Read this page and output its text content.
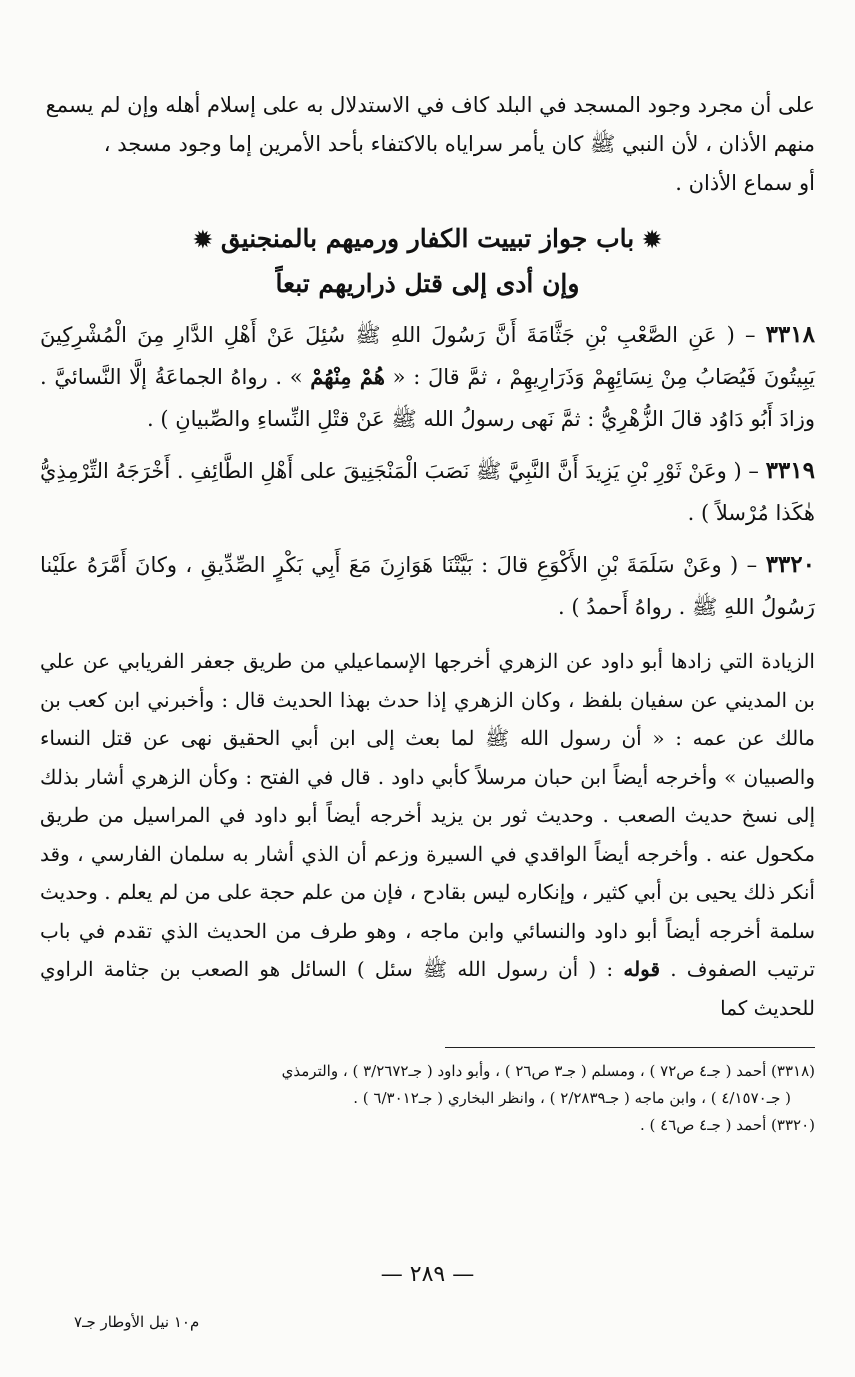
على أن مجرد وجود المسجد في البلد كاف في الاستدلال به على إسلام أهله وإن لم يسمع

منهم الأذان ، لأن النبي ﷺ كان يأمر سراياه بالاكتفاء بأحد الأمرين إما وجود مسجد ،

أو سماع الأذان .

✹ باب جواز تبييت الكفار ورميهم بالمنجنيق ✹
وإن أدى إلى قتل ذراريهم تبعاً

٣٣١٨ – ( عَنِ الصَّعْبِ بْنِ جَثَّامَةَ أَنَّ رَسُولَ اللهِ ﷺ سُئِلَ عَنْ أَهْلِ الدَّارِ مِنَ الْمُشْرِكِينَ يَبِيتُونَ فَيُصَابُ مِنْ نِسَائِهِمْ وَذَرَارِيهِمْ ، ثمَّ قالَ : « هُمْ مِنْهُمْ » . رواهُ الجماعَةُ إلَّا النَّسائيَّ . وزادَ أَبُو دَاوُد قالَ الزُّهْرِيُّ : ثمَّ نَهى رسولُ الله ﷺ عَنْ قتْلِ النِّساءِ والصِّبيانِ ) .

٣٣١٩ – ( وعَنْ ثَوْرِ بْنِ يَزِيدَ أَنَّ النَّبِيَّ ﷺ نَصَبَ الْمَنْجَنِيقَ على أَهْلِ الطَّائِفِ . أَخْرَجَهُ التِّرْمِذِيُّ هٰكَذا مُرْسلاً ) .

٣٣٢٠ – ( وعَنْ سَلَمَةَ بْنِ الأَكْوَعِ قالَ : بَيَّتْنَا هَوَازِنَ مَعَ أَبِي بَكْرٍ الصِّدِّيقِ ، وكانَ أَمَّرَهُ علَيْنا رَسُولُ اللهِ ﷺ . رواهُ أَحمدُ ) .

الزيادة التي زادها أبو داود عن الزهري أخرجها الإسماعيلي من طريق جعفر الفريابي عن علي بن المديني عن سفيان بلفظ ، وكان الزهري إذا حدث بهذا الحديث قال : وأخبرني ابن كعب بن مالك عن عمه : « أن رسول الله ﷺ لما بعث إلى ابن أبي الحقيق نهى عن قتل النساء والصبيان » وأخرجه أيضاً ابن حبان مرسلاً كأبي داود . قال في الفتح : وكأن الزهري أشار بذلك إلى نسخ حديث الصعب . وحديث ثور بن يزيد أخرجه أيضاً أبو داود في المراسيل من طريق مكحول عنه . وأخرجه أيضاً الواقدي في السيرة وزعم أن الذي أشار به سلمان الفارسي ، وقد أنكر ذلك يحيى بن أبي كثير ، وإنكاره ليس بقادح ، فإن من علم حجة على من لم يعلم . وحديث سلمة أخرجه أيضاً أبو داود والنسائي وابن ماجه ، وهو طرف من الحديث الذي تقدم في باب ترتيب الصفوف . قوله : ( أن رسول الله ﷺ سئل ) السائل هو الصعب بن جثامة الراوي للحديث كما

(٣٣١٨) أحمد ( جـ٤ ص٧٢ ) ، ومسلم ( جـ٣ ص٢٦ ) ، وأبو داود ( جـ٣/٢٦٧٢ ) ، والترمذي

( جـ٤/١٥٧٠ ) ، وابن ماجه ( جـ٢/٢٨٣٩ ) ، وانظر البخاري ( جـ٦/٣٠١٢ ) .

(٣٣٢٠) أحمد ( جـ٤ ص٤٦ ) .

— ٢٨٩ —
م١٠ نيل الأوطار جـ٧
